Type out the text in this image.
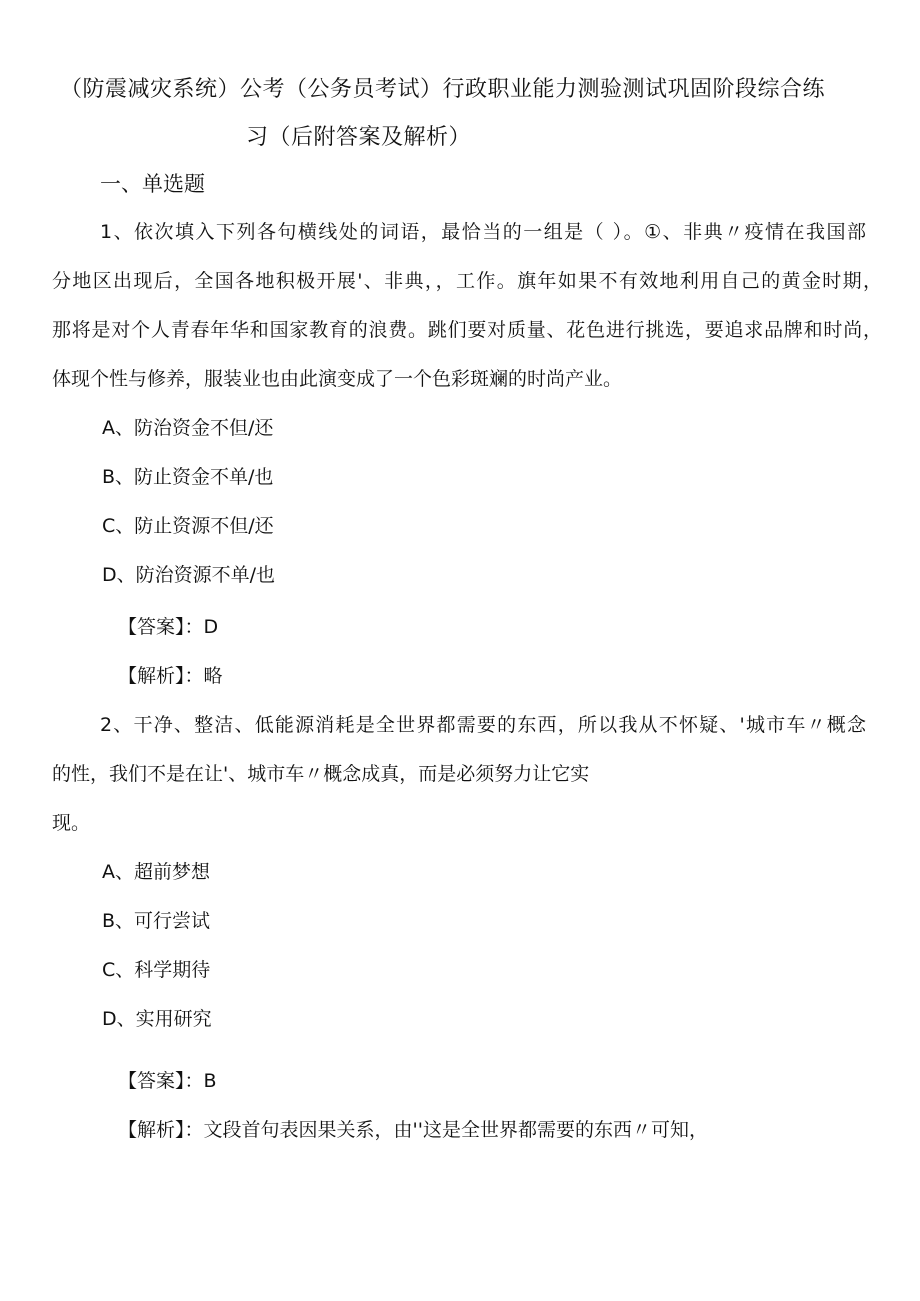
（防震减灾系统）公考（公务员考试）行政职业能力测验测试巩固阶段综合练
习（后附答案及解析）
一、单选题
1、依次填入下列各句横线处的词语，最恰当的一组是（ ）。①、非典〃疫情在我国部
分地区出现后，全国各地积极开展'、非典，，工作。旗年如果不有效地利用自己的黄金时期，
那将是对个人青春年华和国家教育的浪费。跳们要对质量、花色进行挑选，要追求品牌和时尚，
体现个性与修养，服装业也由此演变成了一个色彩斑斓的时尚产业。
A、防治资金不但/还
B、防止资金不单/也
C、防止资源不但/还
D、防治资源不单/也
【答案】：D
【解析】：略
2、干净、整洁、低能源消耗是全世界都需要的东西，所以我从不怀疑、'城市车〃概念
的性，我们不是在让'、城市车〃概念成真，而是必须努力让它实
现。
A、超前梦想
B、可行尝试
C、科学期待
D、实用研究
【答案】：B
【解析】：文段首句表因果关系，由''这是全世界都需要的东西〃可知，
